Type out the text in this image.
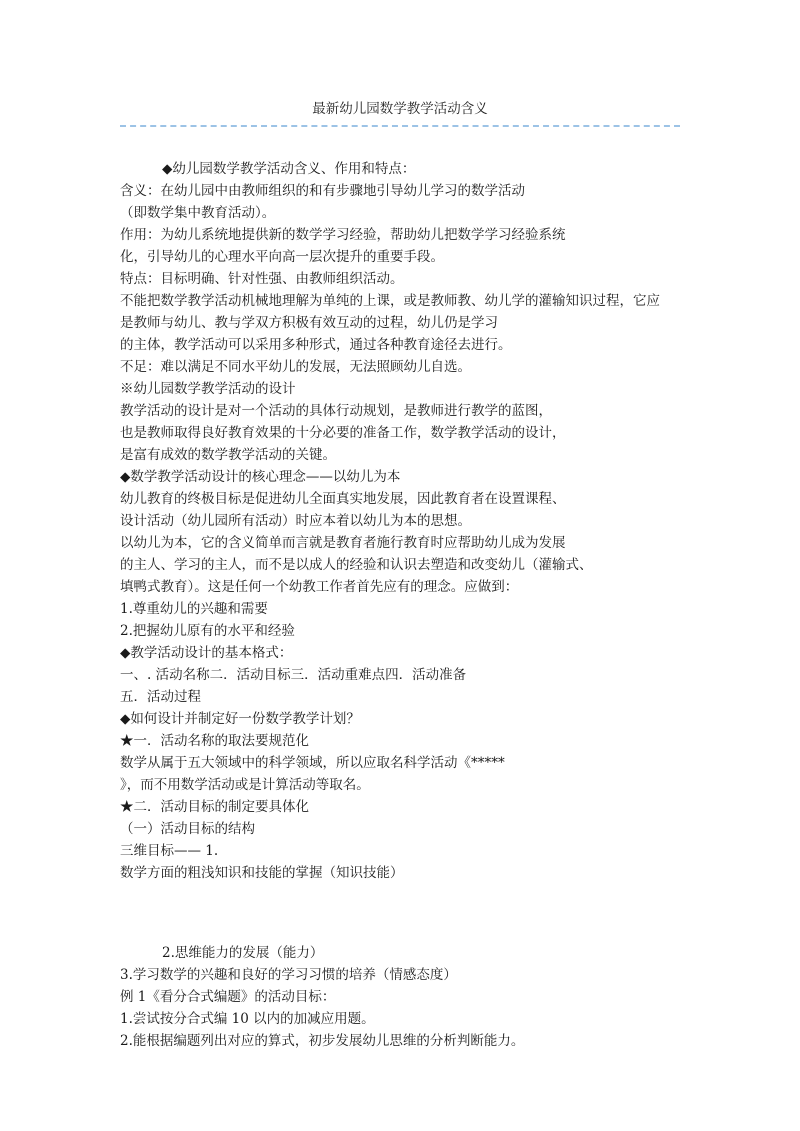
最新幼儿园数学教学活动含义
◆幼儿园数学教学活动含义、作用和特点：
含义：在幼儿园中由教师组织的和有步骤地引导幼儿学习的数学活动
（即数学集中教育活动）。
作用：为幼儿系统地提供新的数学学习经验，帮助幼儿把数学学习经验系统
化，引导幼儿的心理水平向高一层次提升的重要手段。
特点：目标明确、针对性强、由教师组织活动。
不能把数学教学活动机械地理解为单纯的上课，或是教师教、幼儿学的灌输知识过程，它应
是教师与幼儿、教与学双方积极有效互动的过程，幼儿仍是学习
的主体，教学活动可以采用多种形式，通过各种教育途径去进行。
不足：难以满足不同水平幼儿的发展，无法照顾幼儿自选。
※幼儿园数学教学活动的设计
教学活动的设计是对一个活动的具体行动规划，是教师进行教学的蓝图，
也是教师取得良好教育效果的十分必要的准备工作，数学教学活动的设计，
是富有成效的数学教学活动的关键。
◆数学教学活动设计的核心理念——以幼儿为本
幼儿教育的终极目标是促进幼儿全面真实地发展，因此教育者在设置课程、
设计活动（幼儿园所有活动）时应本着以幼儿为本的思想。
以幼儿为本，它的含义简单而言就是教育者施行教育时应帮助幼儿成为发展
的主人、学习的主人，而不是以成人的经验和认识去塑造和改变幼儿（灌输式、
填鸭式教育）。这是任何一个幼教工作者首先应有的理念。应做到：
1.尊重幼儿的兴趣和需要
2.把握幼儿原有的水平和经验
◆教学活动设计的基本格式：
一、. 活动名称二．活动目标三．活动重难点四．活动准备
五．活动过程
◆如何设计并制定好一份数学教学计划？
★一．活动名称的取法要规范化
数学从属于五大领域中的科学领域，所以应取名科学活动《*****
》，而不用数学活动或是计算活动等取名。
★二．活动目标的制定要具体化
（一）活动目标的结构
三维目标—— 1.
数学方面的粗浅知识和技能的掌握（知识技能）
2.思维能力的发展（能力）
3.学习数学的兴趣和良好的学习习惯的培养（情感态度）
例 1《看分合式编题》的活动目标：
1.尝试按分合式编 10 以内的加减应用题。
2.能根据编题列出对应的算式，初步发展幼儿思维的分析判断能力。
